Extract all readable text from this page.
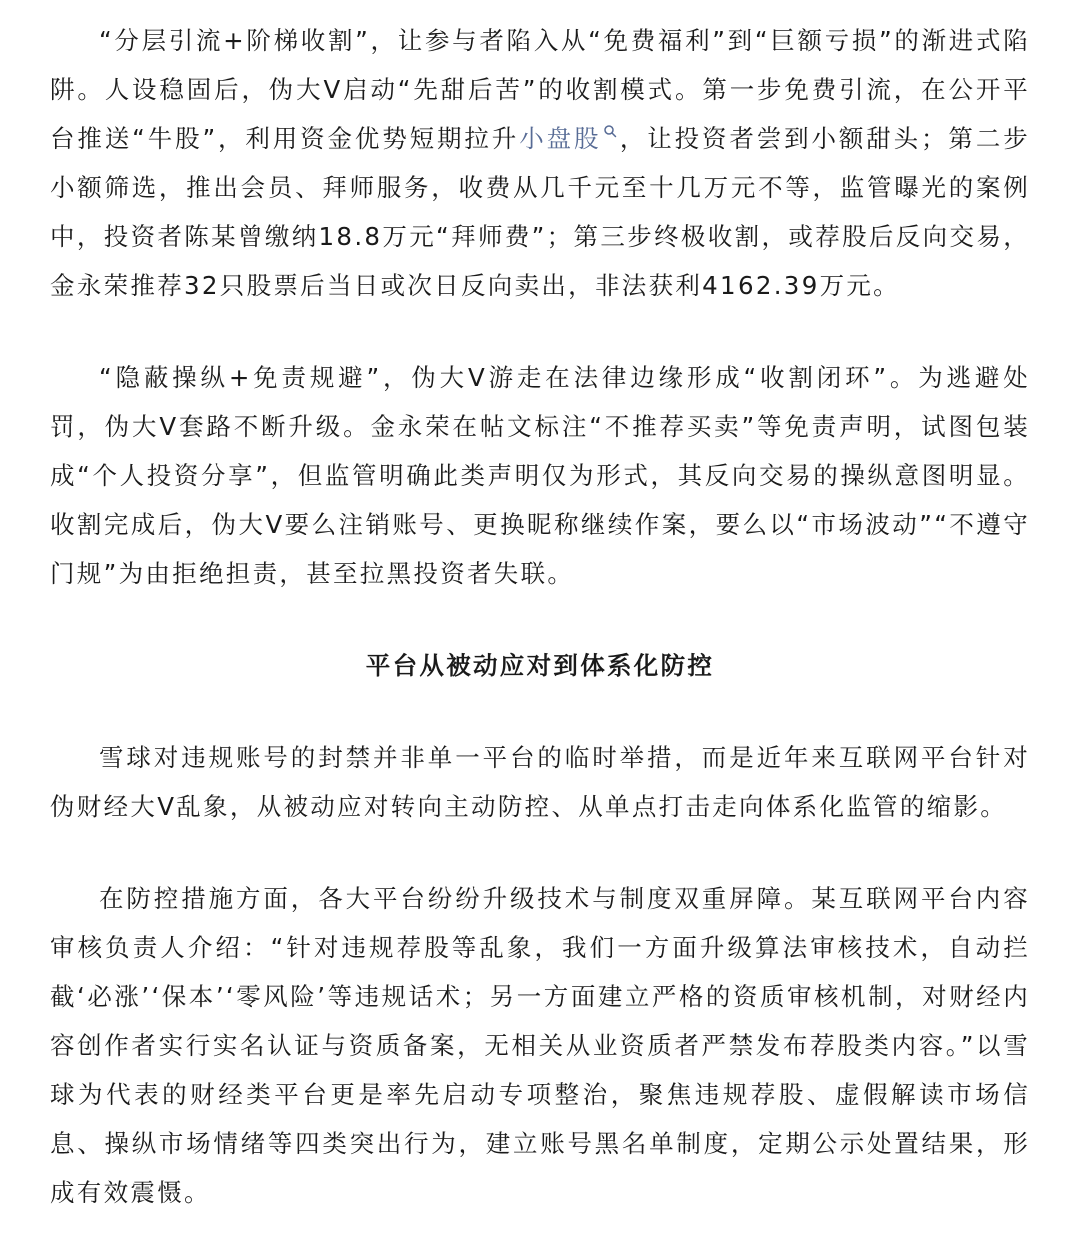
“分层引流+阶梯收割”，让参与者陷入从“免费福利”到“巨额亏损”的渐进式陷阱。人设稳固后，伪大V启动“先甜后苦”的收割模式。第一步免费引流，在公开平台推送“牛股”，利用资金优势短期拉升小盘股 ，让投资者尝到小额甜头；第二步小额筛选，推出会员、拜师服务，收费从几千元至十几万元不等，监管曝光的案例中，投资者陈某曾缴纳18.8万元“拜师费”；第三步终极收割，或荐股后反向交易，金永荣推荐32只股票后当日或次日反向卖出，非法获利4162.39万元。

“隐蔽操纵+免责规避”，伪大V游走在法律边缘形成“收割闭环”。为逃避处罚，伪大V套路不断升级。金永荣在帖文标注“不推荐买卖”等免责声明，试图包装成“个人投资分享”，但监管明确此类声明仅为形式，其反向交易的操纵意图明显。收割完成后，伪大V要么注销账号、更换昵称继续作案，要么以“市场波动”“不遵守门规”为由拒绝担责，甚至拉黑投资者失联。

平台从被动应对到体系化防控

雪球对违规账号的封禁并非单一平台的临时举措，而是近年来互联网平台针对伪财经大V乱象，从被动应对转向主动防控、从单点打击走向体系化监管的缩影。

在防控措施方面，各大平台纷纷升级技术与制度双重屏障。某互联网平台内容审核负责人介绍：“针对违规荐股等乱象，我们一方面升级算法审核技术，自动拦截‘必涨’‘保本’‘零风险’等违规话术；另一方面建立严格的资质审核机制，对财经内容创作者实行实名认证与资质备案，无相关从业资质者严禁发布荐股类内容。”以雪球为代表的财经类平台更是率先启动专项整治，聚焦违规荐股、虚假解读市场信息、操纵市场情绪等四类突出行为，建立账号黑名单制度，定期公示处置结果，形成有效震慑。
